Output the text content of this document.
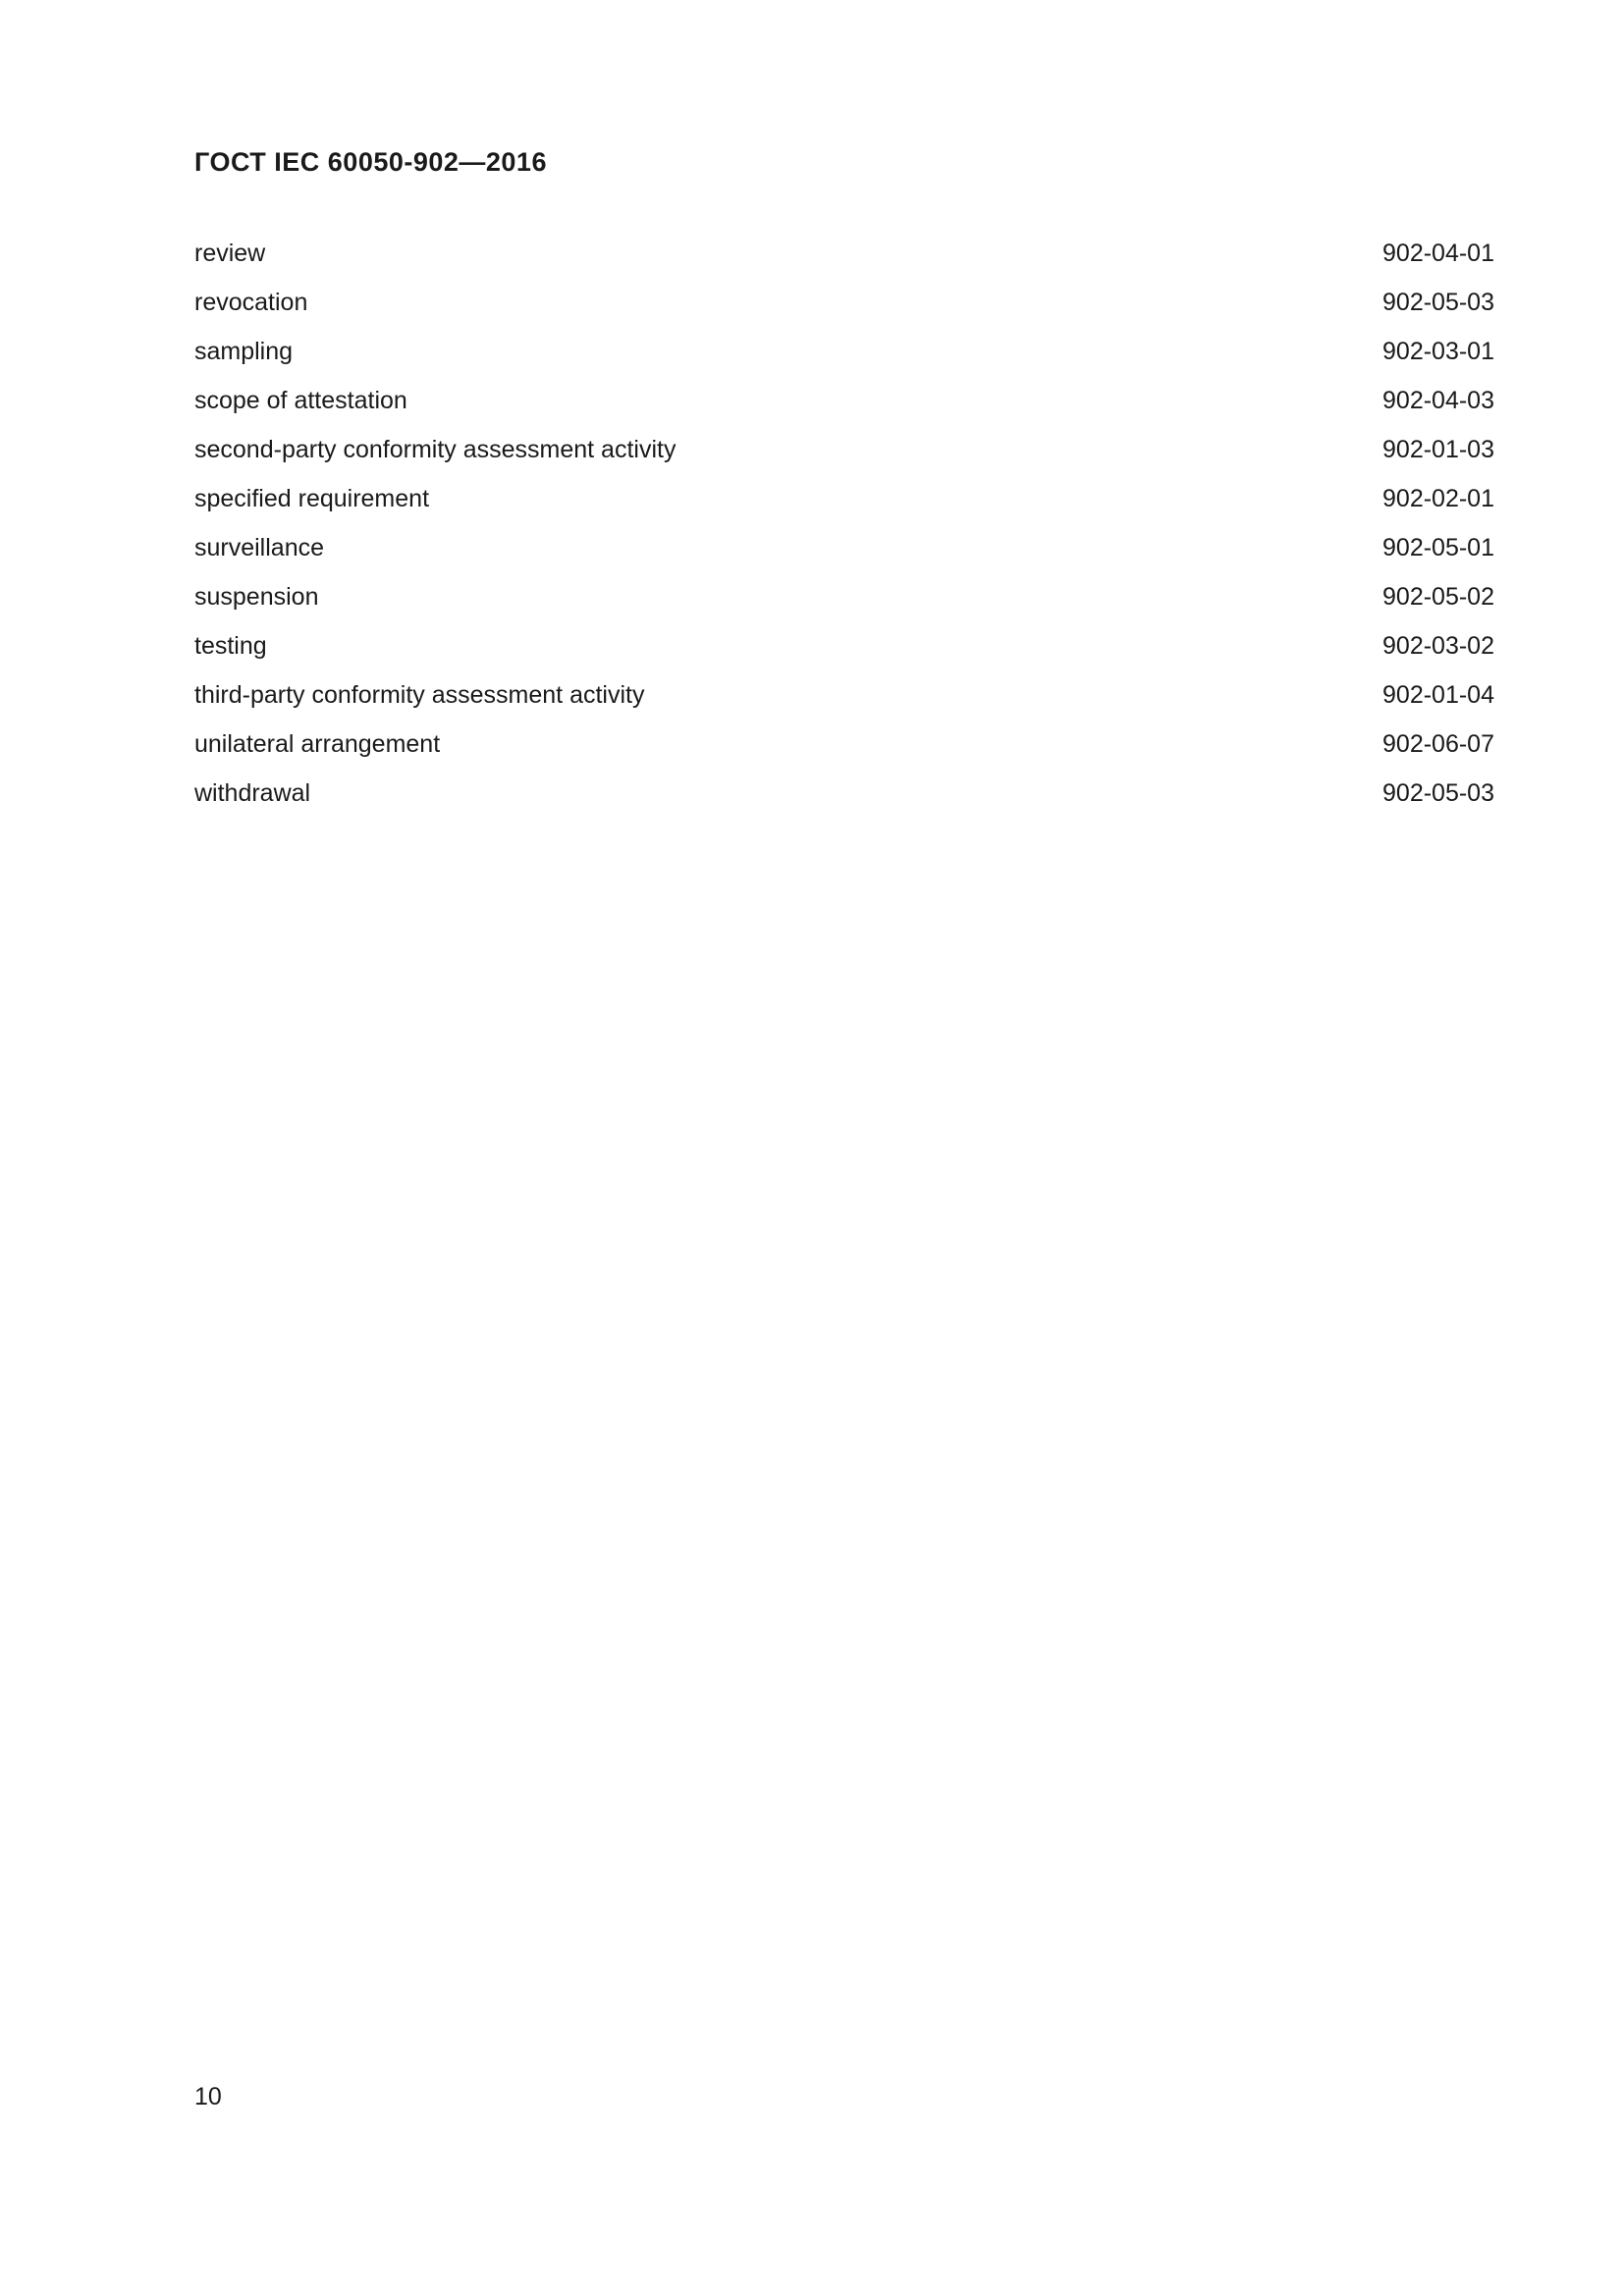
ГОСТ IEC 60050-902—2016
review	902-04-01
revocation	902-05-03
sampling	902-03-01
scope of attestation	902-04-03
second-party conformity assessment activity	902-01-03
specified requirement	902-02-01
surveillance	902-05-01
suspension	902-05-02
testing	902-03-02
third-party conformity assessment activity	902-01-04
unilateral arrangement	902-06-07
withdrawal	902-05-03
10
